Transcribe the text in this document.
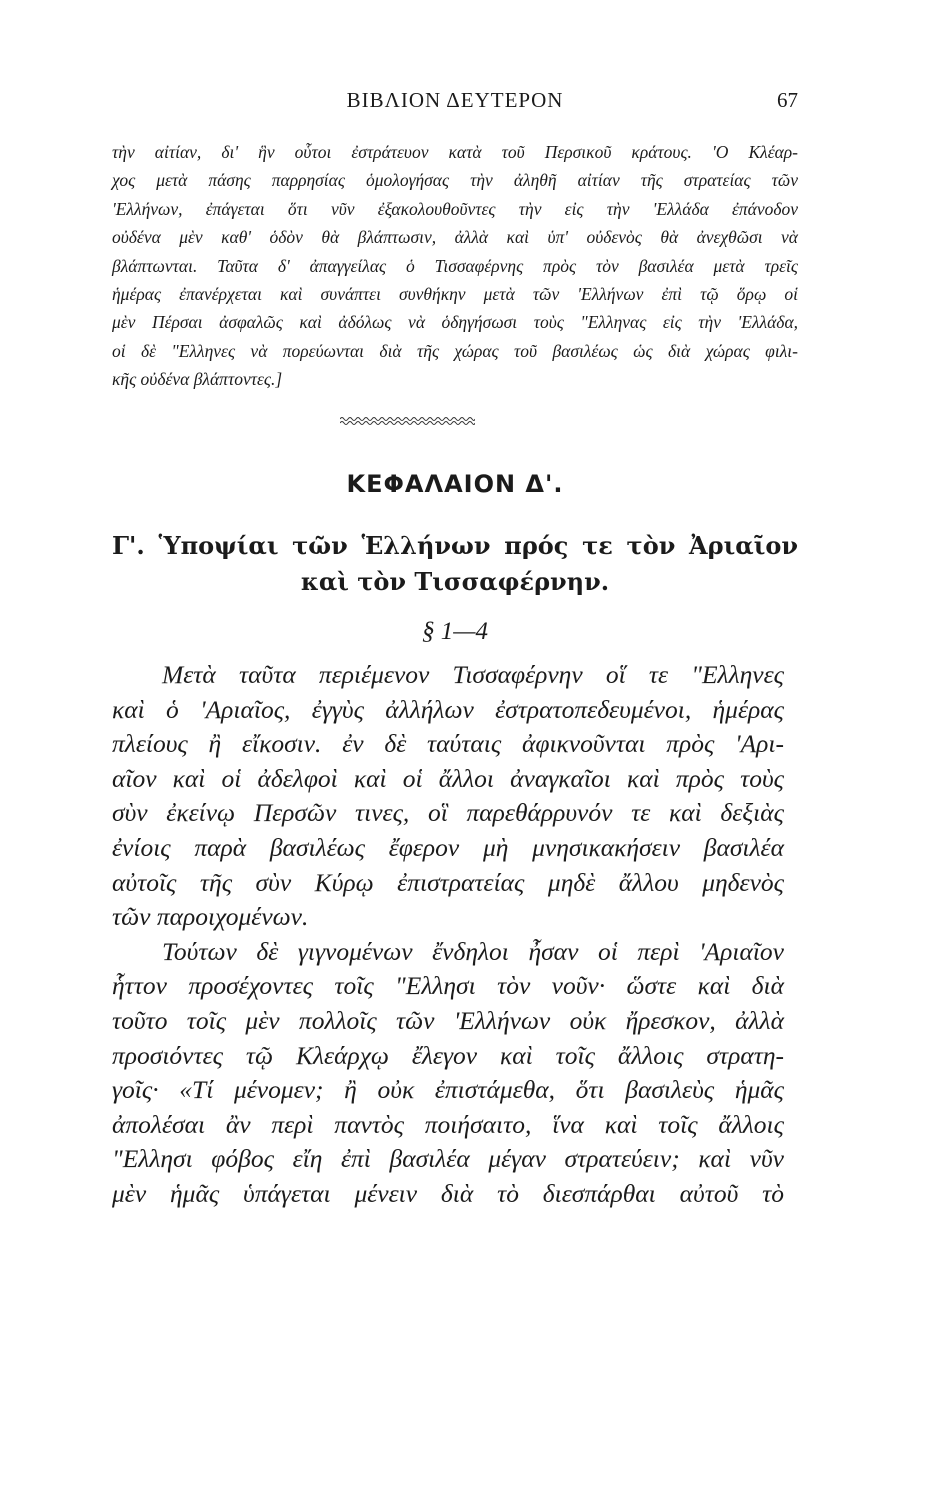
ΒΙΒΛΙΟΝ ΔΕΥΤΕΡΟΝ	67
τὴν αἰτίαν, δι' ἣν οὗτοι ἐστράτευον κατὰ τοῦ Περσικοῦ κράτους. 'Ο Κλέαρ-
χος μετὰ πάσης παρρησίας ὁμολογήσας τὴν ἀληθῆ αἰτίαν τῆς στρατείας τῶν
'Ελλήνων, ἐπάγεται ὅτι νῦν ἐξακολουθοῦντες τὴν εἰς τὴν 'Ελλάδα ἐπάνοδον
οὐδένα μὲν καθ' ὁδὸν θὰ βλάπτωσιν, ἀλλὰ καὶ ὑπ' οὐδενὸς θὰ ἀνεχθῶσι νὰ
βλάπτωνται. Ταῦτα δ' ἀπαγγείλας ὁ Τισσαφέρνης πρὸς τὸν βασιλέα μετὰ τρεῖς
ἡμέρας ἐπανέρχεται καὶ συνάπτει συνθήκην μετὰ τῶν 'Ελλήνων ἐπὶ τῷ ὅρῳ οἱ
μὲν Πέρσαι ἀσφαλῶς καὶ ἀδόλως νὰ ὁδηγήσωσι τοὺς "Ελληνας εἰς τὴν 'Ελλάδα,
οἱ δὲ "Ελληνες νὰ πορεύωνται διὰ τῆς χώρας τοῦ βασιλέως ὡς διὰ χώρας φιλι-
κῆς οὐδένα βλάπτοντες.]
ΚΕΦΑΛΑΙΟΝ Δ'.
Γ'. Ὑποψίαι τῶν Ἑλλήνων πρός τε τὸν Ἀριαῖον
καὶ τὸν Τισσαφέρνην.
§ 1—4
Μετὰ ταῦτα περιέμενον Τισσαφέρνην οἵ τε "Ελληνες
καὶ ὁ 'Αριαῖος, ἐγγὺς ἀλλήλων ἐστρατοπεδευμένοι, ἡμέρας
πλείους ἢ εἴκοσιν. ἐν δὲ ταύταις ἀφικνοῦνται πρὸς 'Αρι-
αῖον καὶ οἱ ἀδελφοὶ καὶ οἱ ἄλλοι ἀναγκαῖοι καὶ πρὸς τοὺς
σὺν ἐκείνῳ Περσῶν τινες, οἳ παρεθάρρυνόν τε καὶ δεξιὰς
ἐνίοις παρὰ βασιλέως ἔφερον μὴ μνησικακήσειν βασιλέα
αὐτοῖς τῆς σὺν Κύρῳ ἐπιστρατείας μηδὲ ἄλλου μηδενὸς
τῶν παροιχομένων.
Τούτων δὲ γιγνομένων ἔνδηλοι ἦσαν οἱ περὶ 'Αριαῖον
ἧττον προσέχοντες τοῖς "Ελλησι τὸν νοῦν· ὥστε καὶ διὰ
τοῦτο τοῖς μὲν πολλοῖς τῶν 'Ελλήνων οὐκ ἤρεσκον, ἀλλὰ
προσιόντες τῷ Κλεάρχῳ ἔλεγον καὶ τοῖς ἄλλοις στρατη-
γοῖς· «Τί μένομεν; ἢ οὐκ ἐπιστάμεθα, ὅτι βασιλεὺς ἡμᾶς
ἀπολέσαι ἂν περὶ παντὸς ποιήσαιτο, ἵνα καὶ τοῖς ἄλλοις
"Ελλησι φόβος εἴη ἐπὶ βασιλέα μέγαν στρατεύειν; καὶ νῦν
μὲν ἡμᾶς ὑπάγεται μένειν διὰ τὸ διεσπάρθαι αὐτοῦ τὸ
